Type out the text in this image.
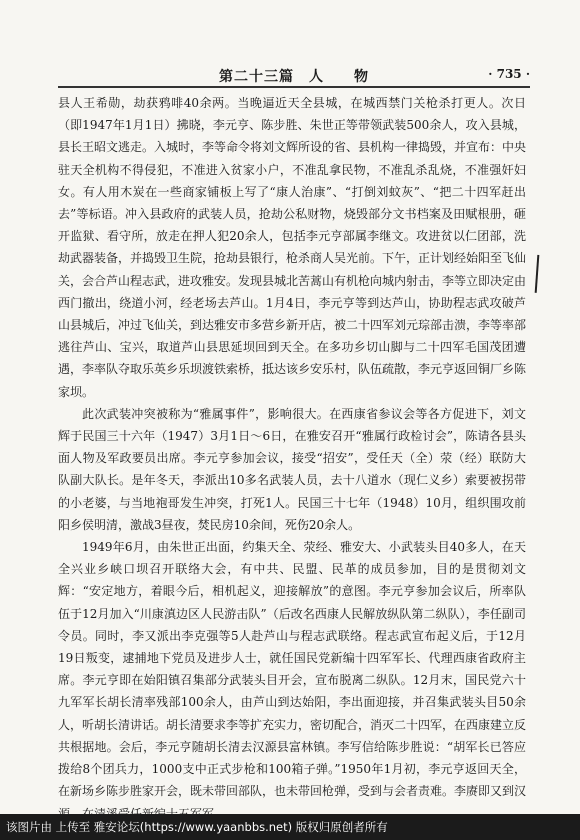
第二十三篇　人　　物	· 735 ·

县人王希勋，劫获鸦啡40余两。当晚逼近天全县城，在城西禁门关枪杀打更人。次日（即1947年1月1日）拂晓，李元亨、陈步胜、朱世正等带领武装500余人，攻入县城，县长王昭文逃走。入城时，李等命令将刘文辉所设的省、县机构一律捣毁，并宣布：中央驻天全机构不得侵犯，不准进入贫家小户，不准乱拿民物，不准乱杀乱烧，不准强奸妇女。有人用木炭在一些商家铺板上写了“康人治康”、“打倒刘蚊灰”、“把二十四军赶出去”等标语。冲入县政府的武装人员，抢劫公私财物，烧毁部分文书档案及田赋根册，砸开监狱、看守所，放走在押人犯20余人，包括李元亨部属李继文。攻进贫以仁团部，洗劫武器装备，并捣毁卫生院，抢劫县银行，枪杀商人吴光前。下午，正计划经始阳至飞仙关，会合芦山程志武，进攻雅安。发现县城北苦蒿山有机枪向城内射击，李等立即决定由西门撤出，绕道小河，经老场去芦山。1月4日，李元亨等到达芦山，协助程志武攻破芦山县城后，冲过飞仙关，到达雅安市多营乡新开店，被二十四军刘元琮部击溃，李等率部逃往芦山、宝兴，取道芦山县思延坝回到天全。在多功乡切山脚与二十四军毛国茂团遭遇，李率队夺取乐英乡乐坝渡铁索桥，抵达该乡安乐村，队伍疏散，李元亨返回铜厂乡陈家坝。

此次武装冲突被称为“雅属事件”，影响很大。在西康省参议会等各方促进下，刘文辉于民国三十六年（1947）3月1日～6日，在雅安召开“雅属行政检讨会”，陈请各县头面人物及军政要员出席。李元亨参加会议，接受“招安”，受任天（全）荥（经）联防大队副大队长。是年冬天，李派出10多名武装人员，去十八道水（现仁义乡）索要被拐带的小老婆，与当地袍哥发生冲突，打死1人。民国三十七年（1948）10月，组织围攻前阳乡侯明清，激战3昼夜，焚民房10余间，死伤20余人。

1949年6月，由朱世正出面，约集天全、荥经、雅安大、小武装头目40多人，在天全兴业乡峡口坝召开联络大会，有中共、民盟、民革的成员参加，目的是贯彻刘文辉：“安定地方，着眼今后，相机起义，迎接解放”的意图。李元亨参加会议后，所率队伍于12月加入“川康滇边区人民游击队”（后改名西康人民解放纵队第二纵队），李任副司令员。同时，李又派出李克强等5人赴芦山与程志武联络。程志武宣布起义后，于12月19日叛变，逮捕地下党员及进步人士，就任国民党新编十四军军长、代理西康省政府主席。李元亨即在始阳镇召集部分武装头目开会，宣布脱离二纵队。12月末，国民党六十九军军长胡长清率残部100余人，由芦山到达始阳，李出面迎接，并召集武装头目50余人，听胡长清讲话。胡长清要求李等扩充实力，密切配合，消灭二十四军，在西康建立反共根据地。会后，李元亨随胡长清去汉源县富林镇。李写信给陈步胜说：“胡军长已答应拨给8个团兵力，1000支中正式步枪和100箱子弹。”1950年1月初，李元亨返回天全，在新场乡陈步胜家开会，既未带回部队，也未带回枪弹，受到与会者责难。李赓即又到汉

该图片由 上传至 雅安论坛(https://www.yaanbbs.net) 版权归原创者所有
